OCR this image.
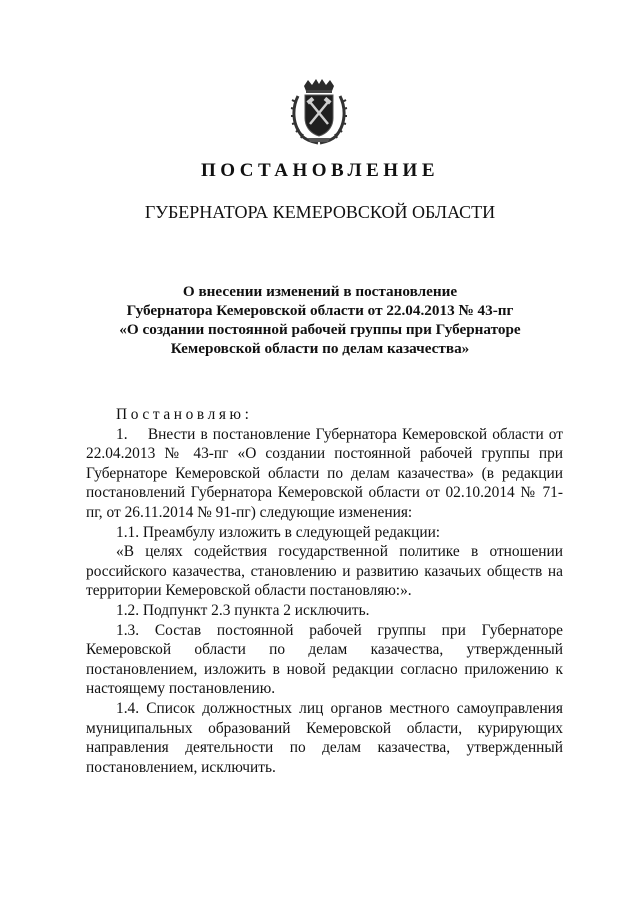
ПОСТАНОВЛЕНИЕ
ГУБЕРНАТОРА КЕМЕРОВСКОЙ ОБЛАСТИ
О внесении изменений в постановление
Губернатора Кемеровской области от 22.04.2013 № 43-пг
«О создании постоянной рабочей группы при Губернаторе
Кемеровской области по делам казачества»
Постановляю:

1.    Внести в постановление Губернатора Кемеровской области от 22.04.2013 № 43-пг «О создании постоянной рабочей группы при Губернаторе Кемеровской области по делам казачества» (в редакции постановлений Губернатора Кемеровской области от 02.10.2014 № 71-пг, от 26.11.2014 № 91-пг) следующие изменения:

1.1. Преамбулу изложить в следующей редакции:

«В целях содействия государственной политике в отношении российского казачества, становлению и развитию казачьих обществ на территории Кемеровской области постановляю:».

1.2. Подпункт 2.3 пункта 2 исключить.

1.3. Состав постоянной рабочей группы при Губернаторе Кемеровской области по делам казачества, утвержденный постановлением, изложить в новой редакции согласно приложению к настоящему постановлению.

1.4. Список должностных лиц органов местного самоуправления муниципальных образований Кемеровской области, курирующих направления деятельности по делам казачества, утвержденный постановлением, исключить.
